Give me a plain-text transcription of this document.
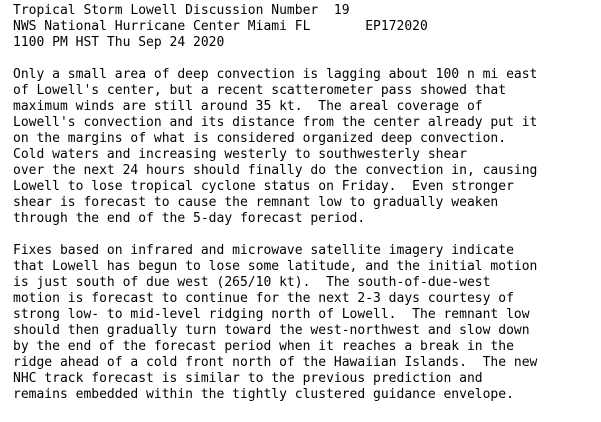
Tropical Storm Lowell Discussion Number  19
NWS National Hurricane Center Miami FL       EP172020
1100 PM HST Thu Sep 24 2020
Only a small area of deep convection is lagging about 100 n mi east
of Lowell's center, but a recent scatterometer pass showed that
maximum winds are still around 35 kt.  The areal coverage of
Lowell's convection and its distance from the center already put it
on the margins of what is considered organized deep convection.
Cold waters and increasing westerly to southwesterly shear
over the next 24 hours should finally do the convection in, causing
Lowell to lose tropical cyclone status on Friday.  Even stronger
shear is forecast to cause the remnant low to gradually weaken
through the end of the 5-day forecast period.
Fixes based on infrared and microwave satellite imagery indicate
that Lowell has begun to lose some latitude, and the initial motion
is just south of due west (265/10 kt).  The south-of-due-west
motion is forecast to continue for the next 2-3 days courtesy of
strong low- to mid-level ridging north of Lowell.  The remnant low
should then gradually turn toward the west-northwest and slow down
by the end of the forecast period when it reaches a break in the
ridge ahead of a cold front north of the Hawaiian Islands.  The new
NHC track forecast is similar to the previous prediction and
remains embedded within the tightly clustered guidance envelope.
